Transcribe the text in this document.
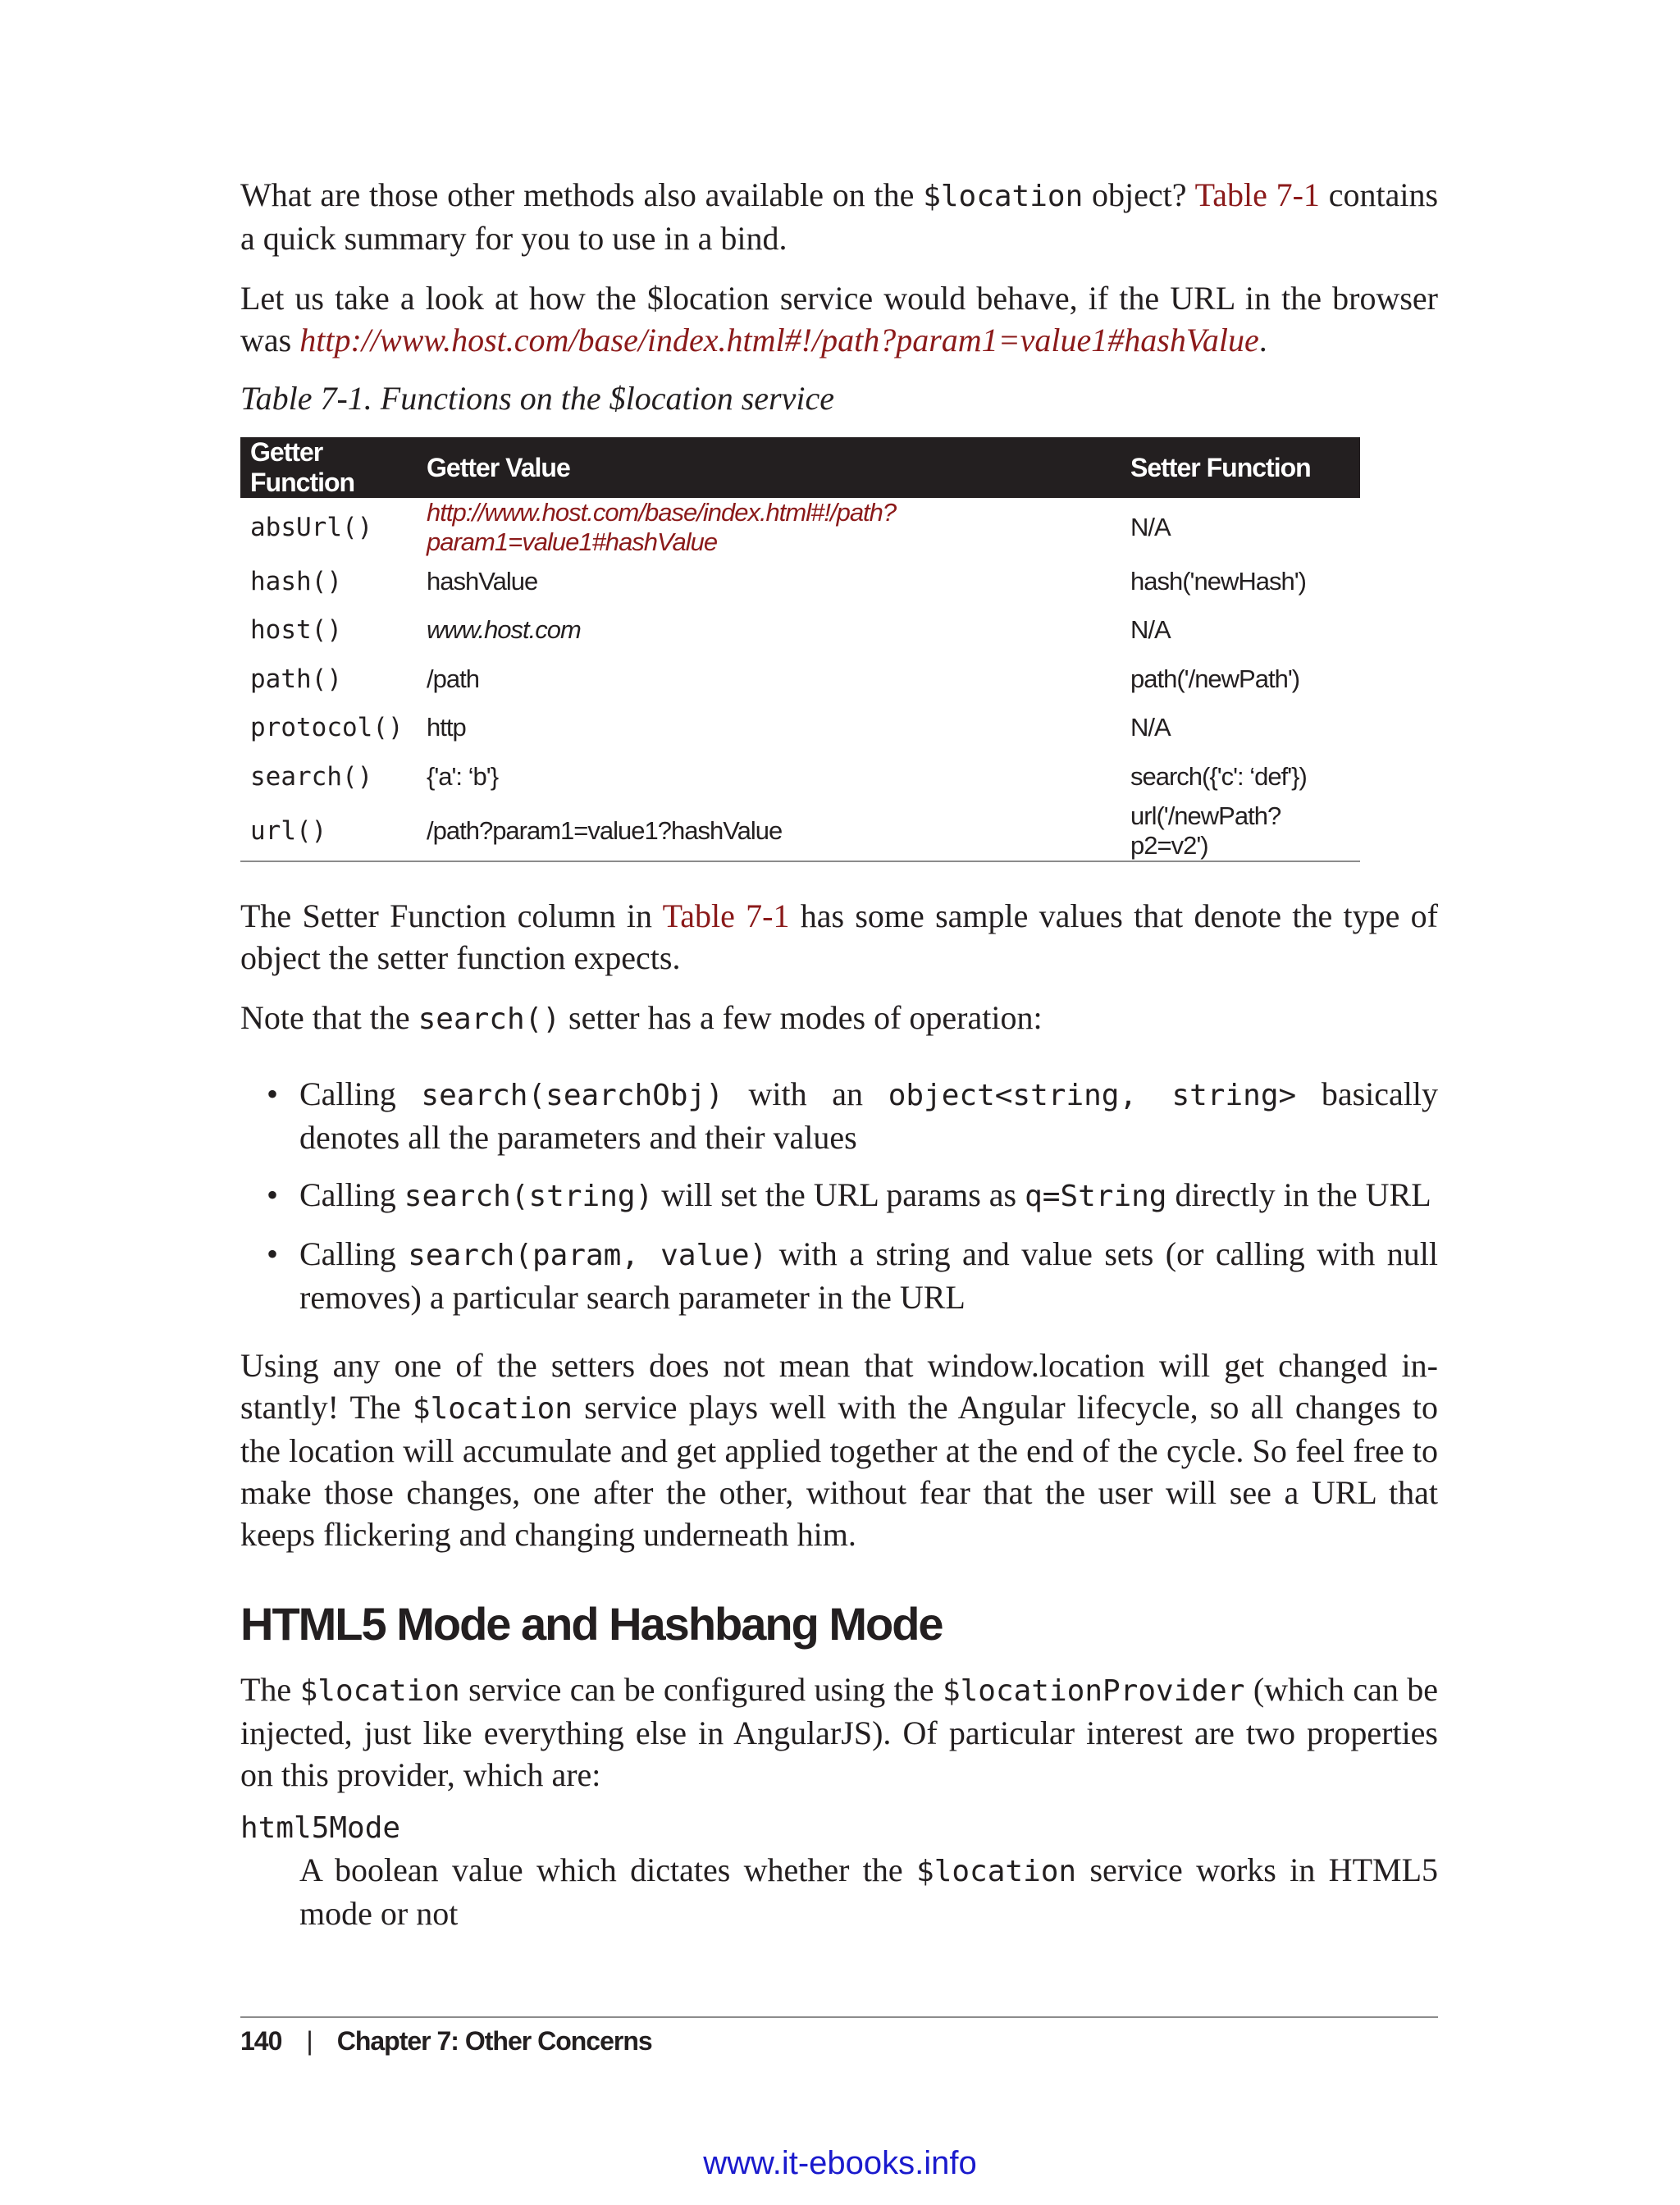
What are those other methods also available on the $location object? Table 7-1 contains a quick summary for you to use in a bind.

Let us take a look at how the $location service would behave, if the URL in the browser was http://www.host.com/base/index.html#!/path?param1=value1#hashValue.

Table 7-1. Functions on the $location service
Getter Function	Getter Value	Setter Function
absUrl()	http://www.host.com/base/index.html#!/path?param1=value1#hashValue	N/A
hash()	hashValue	hash('newHash')
host()	www.host.com	N/A
path()	/path	path('/newPath')
protocol()	http	N/A
search()	{'a': ‘b'}	search({'c': ‘def'})
url()	/path?param1=value1?hashValue	url('/newPath?p2=v2')

The Setter Function column in Table 7-1 has some sample values that denote the type of object the setter function expects.

Note that the search() setter has a few modes of operation:

• Calling search(searchObj) with an object<string, string> basically denotes all the parameters and their values
• Calling search(string) will set the URL params as q=String directly in the URL
• Calling search(param, value) with a string and value sets (or calling with null removes) a particular search parameter in the URL

Using any one of the setters does not mean that window.location will get changed instantly! The $location service plays well with the Angular lifecycle, so all changes to the location will accumulate and get applied together at the end of the cycle. So feel free to make those changes, one after the other, without fear that the user will see a URL that keeps flickering and changing underneath him.

HTML5 Mode and Hashbang Mode

The $location service can be configured using the $locationProvider (which can be injected, just like everything else in AngularJS). Of particular interest are two properties on this provider, which are:

html5Mode
A boolean value which dictates whether the $location service works in HTML5 mode or not
140 | Chapter 7: Other Concerns
www.it-ebooks.info
